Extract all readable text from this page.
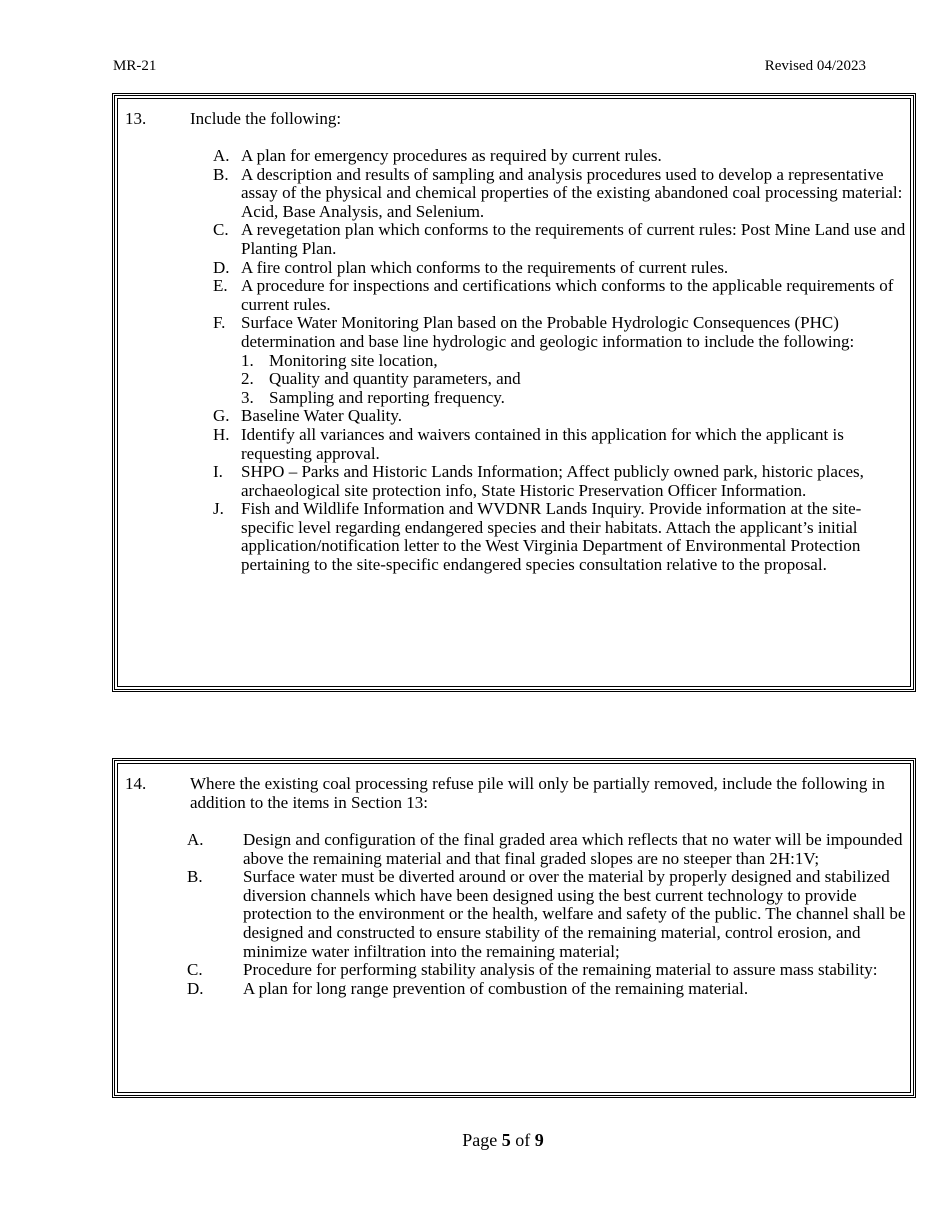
MR-21	Revised 04/2023
13.	Include the following:
A. A plan for emergency procedures as required by current rules.
B. A description and results of sampling and analysis procedures used to develop a representative assay of the physical and chemical properties of the existing abandoned coal processing material: Acid, Base Analysis, and Selenium.
C. A revegetation plan which conforms to the requirements of current rules: Post Mine Land use and Planting Plan.
D. A fire control plan which conforms to the requirements of current rules.
E. A procedure for inspections and certifications which conforms to the applicable requirements of current rules.
F. Surface Water Monitoring Plan based on the Probable Hydrologic Consequences (PHC) determination and base line hydrologic and geologic information to include the following:
1. Monitoring site location,
2. Quality and quantity parameters, and
3. Sampling and reporting frequency.
G. Baseline Water Quality.
H. Identify all variances and waivers contained in this application for which the applicant is requesting approval.
I. SHPO – Parks and Historic Lands Information; Affect publicly owned park, historic places, archaeological site protection info, State Historic Preservation Officer Information.
J. Fish and Wildlife Information and WVDNR Lands Inquiry. Provide information at the site-specific level regarding endangered species and their habitats. Attach the applicant’s initial application/notification letter to the West Virginia Department of Environmental Protection pertaining to the site-specific endangered species consultation relative to the proposal.
14.	Where the existing coal processing refuse pile will only be partially removed, include the following in addition to the items in Section 13:
A. Design and configuration of the final graded area which reflects that no water will be impounded above the remaining material and that final graded slopes are no steeper than 2H:1V;
B. Surface water must be diverted around or over the material by properly designed and stabilized diversion channels which have been designed using the best current technology to provide protection to the environment or the health, welfare and safety of the public. The channel shall be designed and constructed to ensure stability of the remaining material, control erosion, and minimize water infiltration into the remaining material;
C. Procedure for performing stability analysis of the remaining material to assure mass stability:
D. A plan for long range prevention of combustion of the remaining material.
Page 5 of 9
